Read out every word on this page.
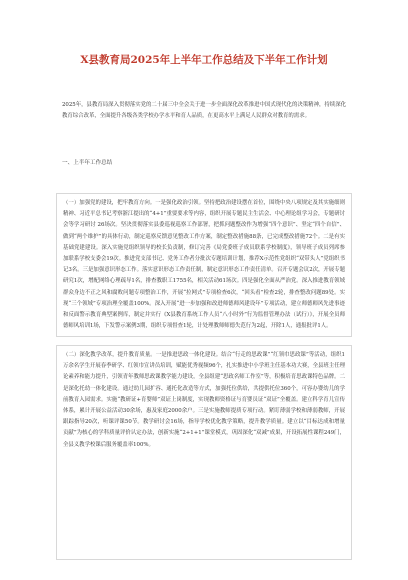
X县教育局2025年上半年工作总结及下半年工作计划

2025年，县教育局深入贯彻落实党的二十届三中全会关于进一步全面深化改革推进中国式现代化的决策精神，持续深化教育综合改革，全面提升各级各类学校办学水平和育人品质，在更高水平上满足人民群众对教育的需求。

一、上半年工作总结

（一）加强党的建设，把牢教育方向。一是强化政治引领。坚持把政治建设摆在首位，围绕中央八项规定及其实施细则精神、习近平总书记考察浙江提出的“4+1”重要要求等内容，组织开展专题民主生活会、中心理论组学习会，专题研讨会等学习研讨 26场次。坚决贯彻落实县委巡视巡察工作部署，把抓问题整改作为增强“四个意识”、坚定“四个自信”、做到“两个维护”的具体行动，制定巡察反馈意见整改工作方案，制定整改措施88条，已完成整改措施72个。二是有实基础党建建设。深入实施党组织领导的校长负责制，修订完善《局党委班子成员联系学校制度》，领导班子成员列席参加联系学校支委会19次。推进党支部书记、党务工作者分批次专题培训计划，推荐X示范性党组织“双带头人”党组织书记3名。三是加强意识形态工作。落实意识形态工作责任制，制定意识形态工作责任清单。召开专题会议2次，开展专题研究1次，增配网络心理疏导1名，排查教职工1755名，相关活动61场次。四是强化全面从严治党。深入推进教育领域群众身边不正之风和腐败问题专项整治工作，开展“拉网式”专项检查6次，“回头看”检查2轮，排查整改问题89处。实现“三个领域”专项治理全覆盖100%。深入开展“进一步加强和改进师德师风建设年”专项活动，建立师德师风先进事迹和反面警示教育典型案例库，制定并实行《X县教育系统工作人员“八小时外”行为监督管理办法（试行）》，开展全员师德师风培训1场，下发警示案例3期，组织专项督查1轮，计处理教师师德失范行为2起，开除1人，通报批评1人。

（二）深化教学改革，提升教育质量。一是推进思政一体化建设。结合“行走的思政课”“红领巾思政课”等活动，组织1万余名学生开展春季研学、红领巾宣讲员培训，赋能优秀视频96个，扎实推进中小学班主任基本功大赛，全县班主任理论素养和能力提升，引领青年教师思政课教学能力建设，全县组建“思政名师工作室”等，积极培育思政课特色品牌。二是深化托幼一体化建设。通过幼儿园扩容、通托化改造等方式，加强托位供给，共提供托位360个，可容办婴幼儿的学前教育入园需求。实施“教研证+育婴师”双证上岗制度，实现教师资格证与育婴员证“双证”全覆盖。建立科学育儿宣传体系，累计开展公益活动30余场，惠及家庭2000余户。三是实施教师提质专项行动。紧盯薄弱学校和薄弱教师，开展跟踪指导20次，听课评课50节。教学研讨会16场，指导学校优化教学策略，提升教学质量。建立以“目标达成和增量贡献”为核心的学科质量评价认定办法，创新实施“2+1+1”课堂模式，巩固深化“双减”成果，开设拓展性课程249门，全县义教学校课后服务覆盖率100%。
